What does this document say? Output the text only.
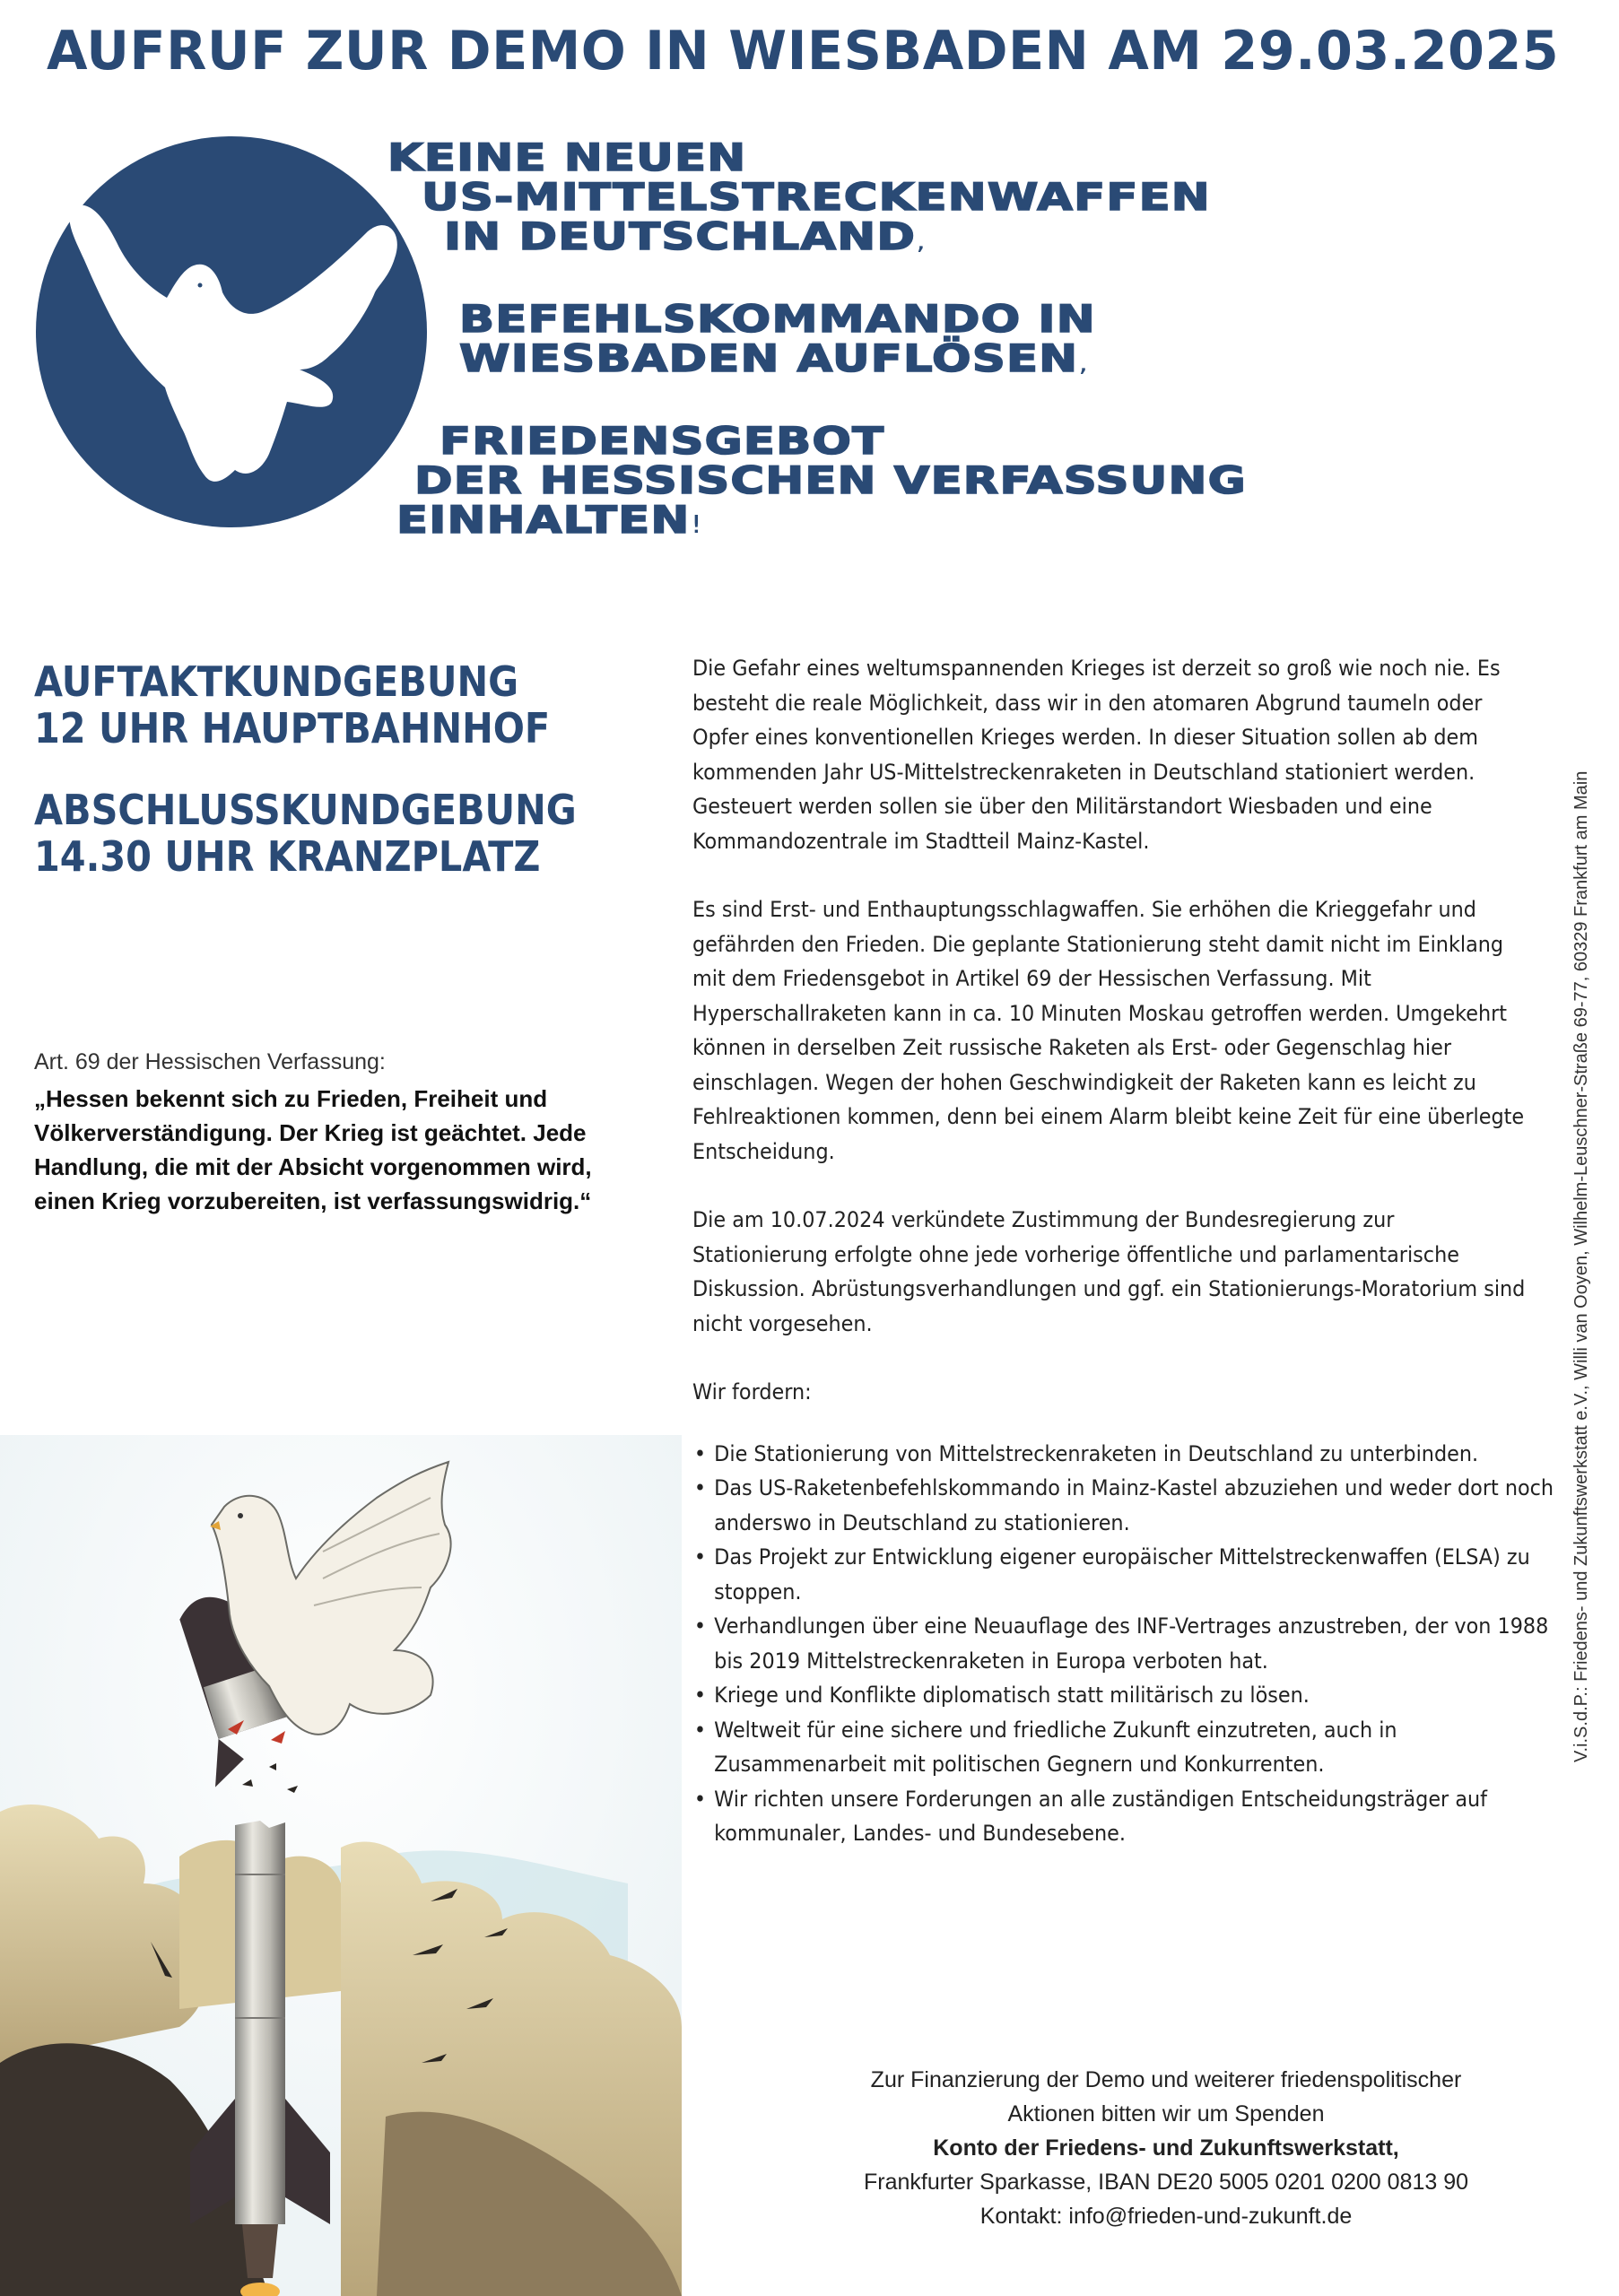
AUFRUF ZUR DEMO IN WIESBADEN AM 29.03.2025
KEINE NEUEN
US-MITTELSTRECKENWAFFEN
IN DEUTSCHLAND,
BEFEHLSKOMMANDO IN
WIESBADEN AUFLÖSEN,
FRIEDENSGEBOT
DER HESSISCHEN VERFASSUNG
EINHALTEN!
AUFTAKTKUNDGEBUNG
12 UHR HAUPTBAHNHOF
ABSCHLUSSKUNDGEBUNG
14.30 UHR KRANZPLATZ
Art. 69 der Hessischen Verfassung:
„Hessen bekennt sich zu Frieden, Freiheit und Völkerverständigung. Der Krieg ist geächtet. Jede Handlung, die mit der Absicht vorgenommen wird, einen Krieg vorzubereiten, ist verfassungswidrig.“

Die Gefahr eines weltumspannenden Krieges ist derzeit so groß wie noch nie. Es besteht die reale Möglichkeit, dass wir in den atomaren Abgrund taumeln oder Opfer eines konventionellen Krieges werden. In dieser Situation sollen ab dem kommenden Jahr US-Mittelstreckenraketen in Deutschland stationiert werden. Gesteuert werden sollen sie über den Militärstandort Wiesbaden und eine Kommandozentrale im Stadtteil Mainz-Kastel.

Es sind Erst- und Enthauptungsschlagwaffen. Sie erhöhen die Krieggefahr und gefährden den Frieden. Die geplante Stationierung steht damit nicht im Einklang mit dem Friedensgebot in Artikel 69 der Hessischen Verfassung. Mit Hyperschallraketen kann in ca. 10 Minuten Moskau getroffen werden. Umgekehrt können in derselben Zeit russische Raketen als Erst- oder Gegenschlag hier einschlagen. Wegen der hohen Geschwindigkeit der Raketen kann es leicht zu Fehlreaktionen kommen, denn bei einem Alarm bleibt keine Zeit für eine überlegte Entscheidung.

Die am 10.07.2024 verkündete Zustimmung der Bundesregierung zur Stationierung erfolgte ohne jede vorherige öffentliche und parlamentarische Diskussion. Abrüstungsverhandlungen und ggf. ein Stationierungs-Moratorium sind nicht vorgesehen.

Wir fordern:
• Die Stationierung von Mittelstreckenraketen in Deutschland zu unterbinden.
• Das US-Raketenbefehlskommando in Mainz-Kastel abzuziehen und weder dort noch anderswo in Deutschland zu stationieren.
• Das Projekt zur Entwicklung eigener europäischer Mittelstreckenwaffen (ELSA) zu stoppen.
• Verhandlungen über eine Neuauflage des INF-Vertrages anzustreben, der von 1988 bis 2019 Mittelstreckenraketen in Europa verboten hat.
• Kriege und Konflikte diplomatisch statt militärisch zu lösen.
• Weltweit für eine sichere und friedliche Zukunft einzutreten, auch in Zusammenarbeit mit politischen Gegnern und Konkurrenten.
• Wir richten unsere Forderungen an alle zuständigen Entscheidungsträger auf kommunaler, Landes- und Bundesebene.
Zur Finanzierung der Demo und weiterer friedenspolitischer
Aktionen bitten wir um Spenden
Konto der Friedens- und Zukunftswerkstatt,
Frankfurter Sparkasse, IBAN DE20 5005 0201 0200 0813 90
Kontakt: info@frieden-und-zukunft.de
V.i.S.d.P.: Friedens- und Zukunftswerkstatt e.V., Willi van Ooyen, Wilhelm-Leuschner-Straße 69-77, 60329 Frankfurt am Main
